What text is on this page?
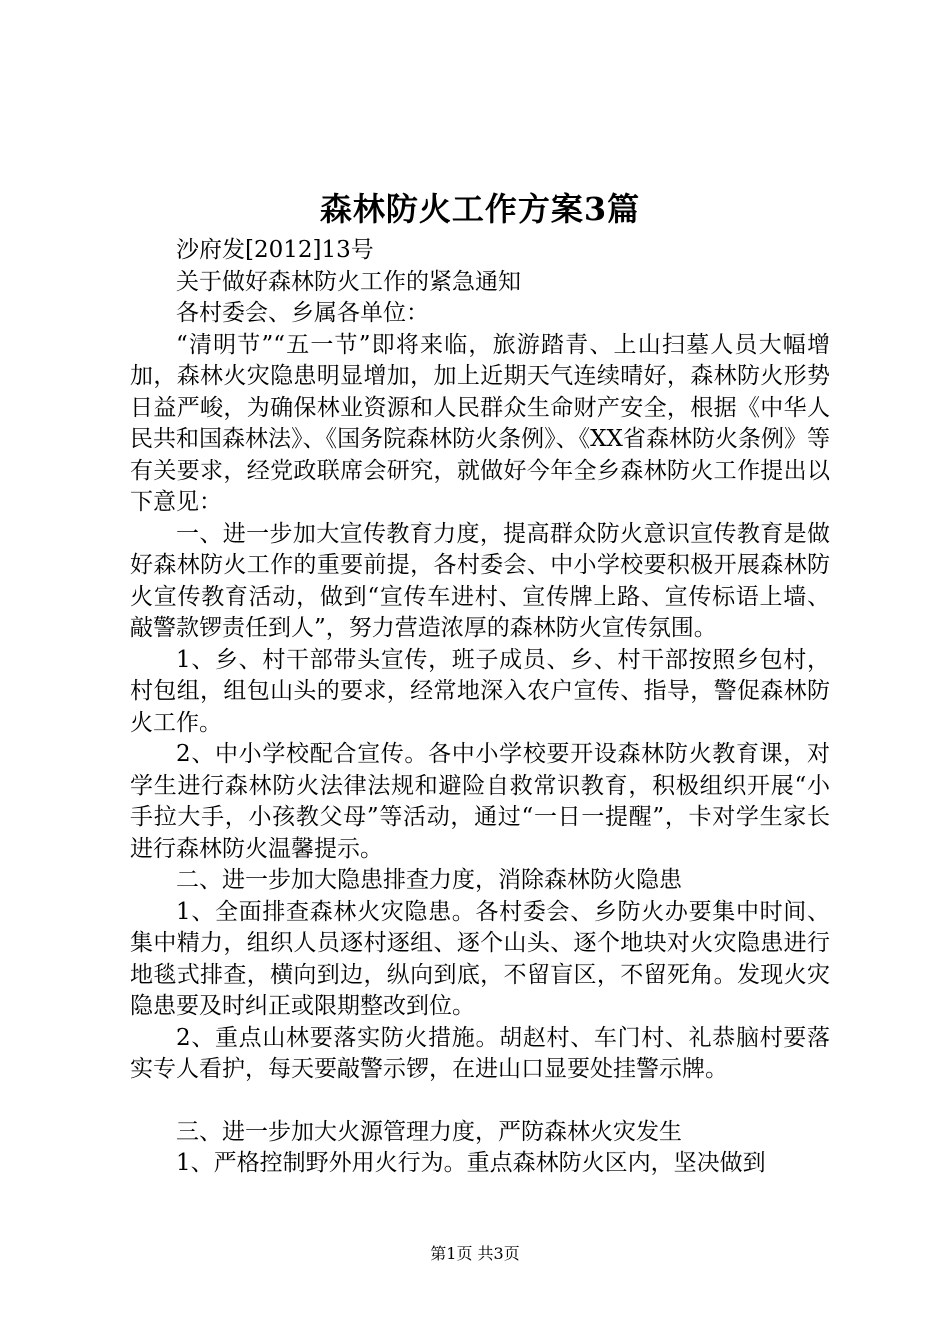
森林防火工作方案3篇

沙府发[2012]13号

关于做好森林防火工作的紧急通知

各村委会、乡属各单位：

“清明节”“五一节”即将来临，旅游踏青、上山扫墓人员大幅增加，森林火灾隐患明显增加，加上近期天气连续晴好，森林防火形势日益严峻，为确保林业资源和人民群众生命财产安全，根据《中华人民共和国森林法》、《国务院森林防火条例》、《XX省森林防火条例》等有关要求，经党政联席会研究，就做好今年全乡森林防火工作提出以下意见：

一、进一步加大宣传教育力度，提高群众防火意识宣传教育是做好森林防火工作的重要前提，各村委会、中小学校要积极开展森林防火宣传教育活动，做到“宣传车进村、宣传牌上路、宣传标语上墙、敲警款锣责任到人”，努力营造浓厚的森林防火宣传氛围。

1、乡、村干部带头宣传，班子成员、乡、村干部按照乡包村，村包组，组包山头的要求，经常地深入农户宣传、指导，警促森林防火工作。

2、中小学校配合宣传。各中小学校要开设森林防火教育课，对学生进行森林防火法律法规和避险自救常识教育，积极组织开展“小手拉大手，小孩教父母”等活动，通过“一日一提醒”，卡对学生家长进行森林防火温馨提示。

二、进一步加大隐患排查力度，消除森林防火隐患

1、全面排查森林火灾隐患。各村委会、乡防火办要集中时间、集中精力，组织人员逐村逐组、逐个山头、逐个地块对火灾隐患进行地毯式排查，横向到边，纵向到底，不留盲区，不留死角。发现火灾隐患要及时纠正或限期整改到位。

2、重点山林要落实防火措施。胡赵村、车门村、礼恭脑村要落实专人看护，每天要敲警示锣，在进山口显要处挂警示牌。

三、进一步加大火源管理力度，严防森林火灾发生

1、严格控制野外用火行为。重点森林防火区内，坚决做到

第1页 共3页
